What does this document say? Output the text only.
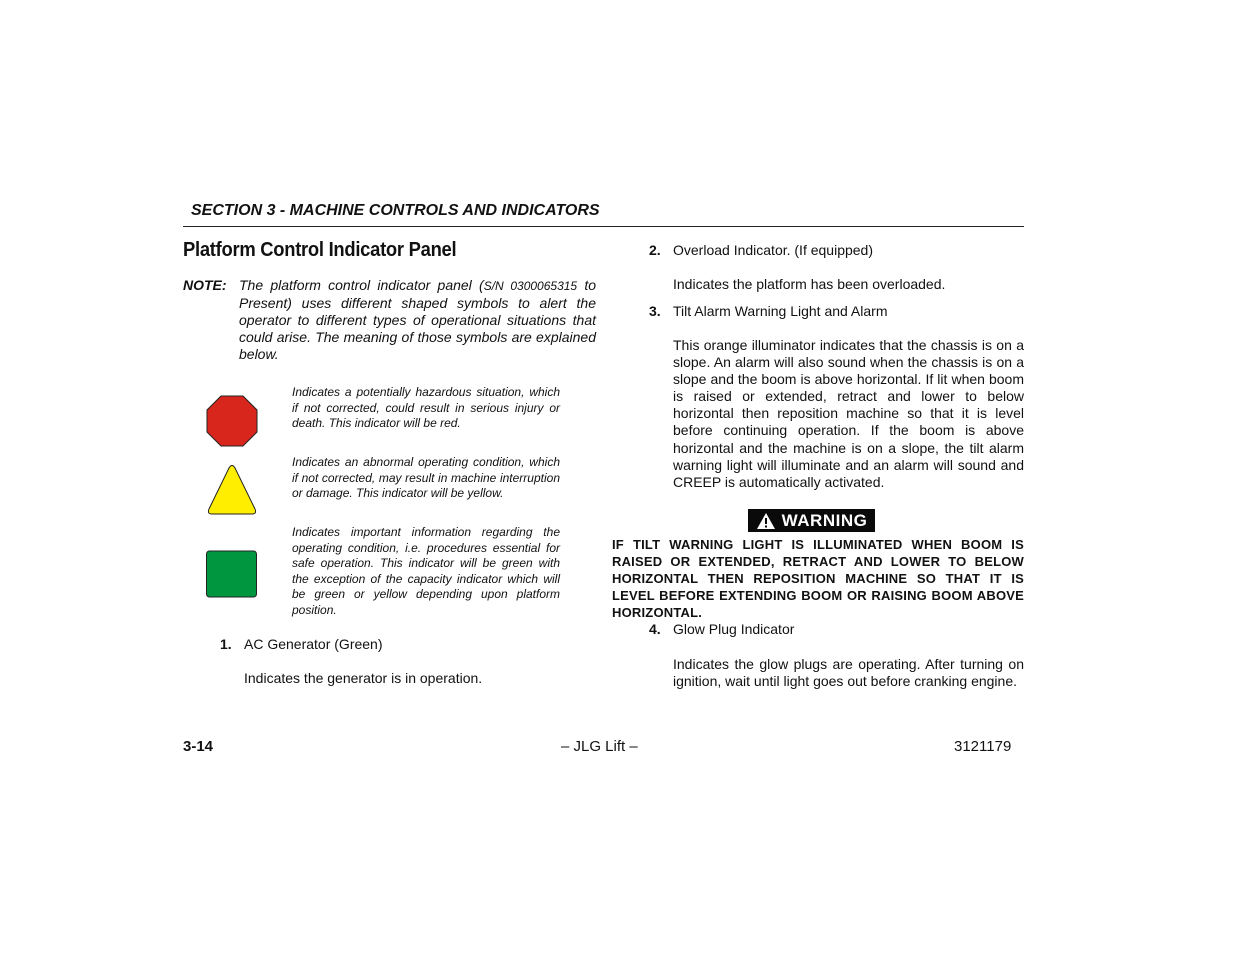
SECTION 3 - MACHINE CONTROLS AND INDICATORS
Platform Control Indicator Panel
NOTE: The platform control indicator panel (S/N 0300065315 to
Present) uses different shaped symbols to alert the operator to different types of operational situations that could arise. The meaning of those symbols are explained below.
Indicates a potentially hazardous situation, which if not corrected, could result in serious injury or death. This indicator will be red.
Indicates an abnormal operating condition, which if not corrected, may result in machine interruption or damage. This indicator will be yellow.
Indicates important information regarding the operating condition, i.e. procedures essential for safe operation. This indicator will be green with the exception of the capacity indicator which will be green or yellow depending upon platform position.
1. AC Generator (Green)
Indicates the generator is in operation.
2. Overload Indicator. (If equipped)
Indicates the platform has been overloaded.
3. Tilt Alarm Warning Light and Alarm
This orange illuminator indicates that the chassis is on a slope. An alarm will also sound when the chassis is on a slope and the boom is above horizontal. If lit when boom is raised or extended, retract and lower to below horizontal then reposition machine so that it is level before continuing operation. If the boom is above horizontal and the machine is on a slope, the tilt alarm warning light will illuminate and an alarm will sound and CREEP is automatically activated.
WARNING
IF TILT WARNING LIGHT IS ILLUMINATED WHEN BOOM IS RAISED OR EXTENDED, RETRACT AND LOWER TO BELOW HORIZONTAL THEN REPOSITION MACHINE SO THAT IT IS LEVEL BEFORE EXTENDING BOOM OR RAISING BOOM ABOVE HORIZONTAL.
4. Glow Plug Indicator
Indicates the glow plugs are operating. After turning on ignition, wait until light goes out before cranking engine.
3-14	– JLG Lift –	3121179
